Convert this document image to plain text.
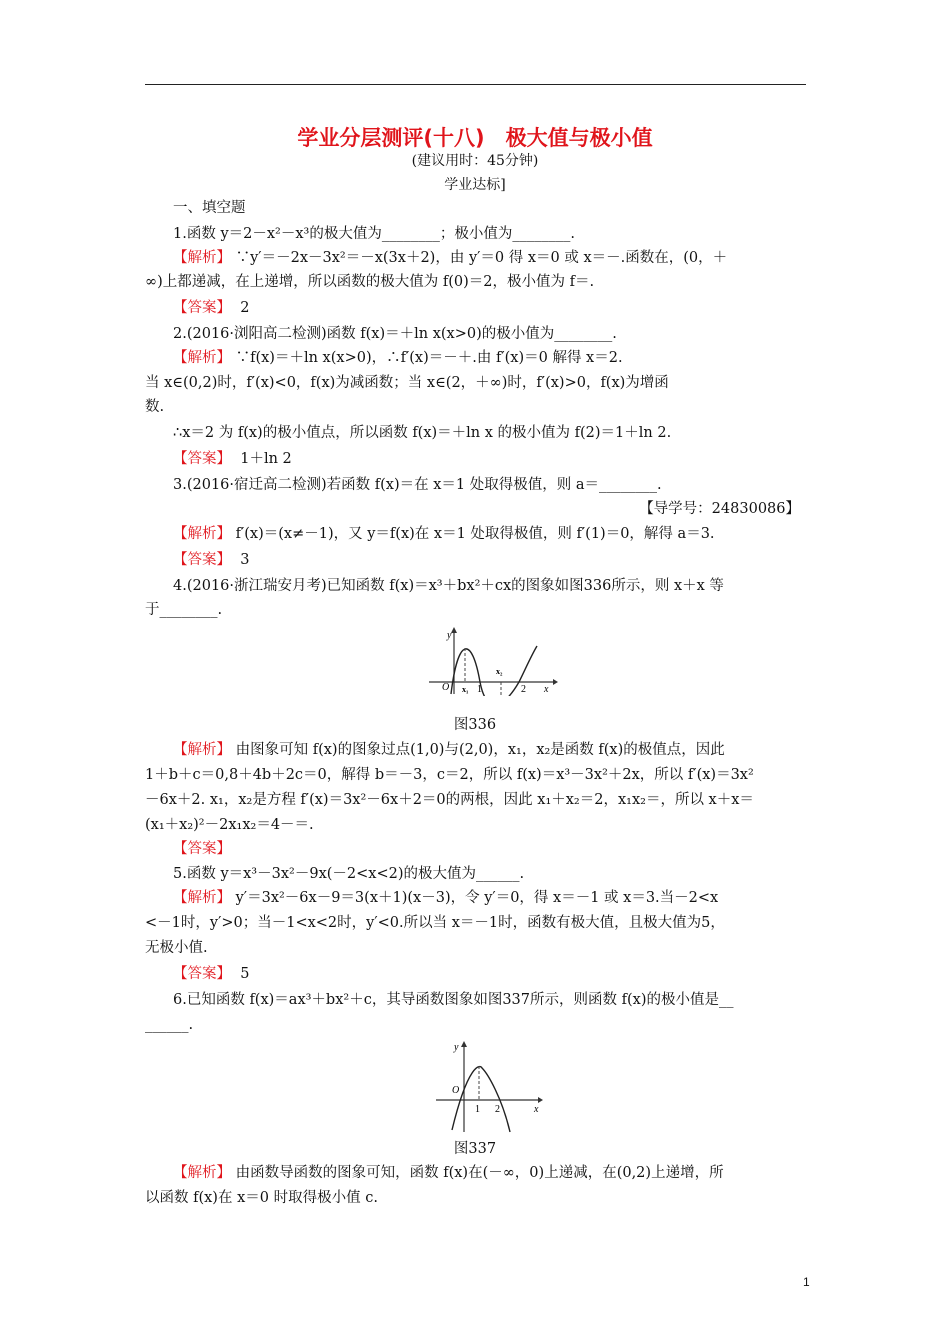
学业分层测评(十八)　极大值与极小值
(建议用时：45分钟)
学业达标]
一、填空题
1.函数 y＝2－x²－x³的极大值为________；极小值为________.
【解析】 ∵y′＝－2x－3x²＝－x(3x＋2)，由 y′＝0 得 x＝0 或 x＝－.函数在，(0，＋
∞)上都递减，在上递增，所以函数的极大值为 f(0)＝2，极小值为 f＝.
【答案】 2
2.(2016·浏阳高二检测)函数 f(x)＝＋ln x(x>0)的极小值为________.
【解析】 ∵f(x)＝＋ln x(x>0)，∴f′(x)＝－＋.由 f′(x)＝0 解得 x＝2.
当 x∈(0,2)时，f′(x)<0，f(x)为减函数；当 x∈(2，＋∞)时，f′(x)>0，f(x)为增函
数.
∴x＝2 为 f(x)的极小值点，所以函数 f(x)＝＋ln x 的极小值为 f(2)＝1＋ln 2.
【答案】 1＋ln 2
3.(2016·宿迁高二检测)若函数 f(x)＝在 x＝1 处取得极值，则 a＝________.
【导学号：24830086】
【解析】 f′(x)＝(x≠－1)，又 y＝f(x)在 x＝1 处取得极值，则 f′(1)＝0，解得 a＝3.
【答案】 3
4.(2016·浙江瑞安月考)已知函数 f(x)＝x³＋bx²＋cx的图象如图336所示，则 x＋x 等
于________.
y
O x₁ 1
x₂
2 x
图336
【解析】 由图象可知 f(x)的图象过点(1,0)与(2,0)，x₁，x₂是函数 f(x)的极值点，因此
1＋b＋c＝0,8＋4b＋2c＝0，解得 b＝－3，c＝2，所以 f(x)＝x³－3x²＋2x，所以 f′(x)＝3x²
－6x＋2. x₁，x₂是方程 f′(x)＝3x²－6x＋2＝0的两根，因此 x₁＋x₂＝2，x₁x₂＝，所以 x＋x＝
(x₁＋x₂)²－2x₁x₂＝4－＝.
【答案】
5.函数 y＝x³－3x²－9x(－2<x<2)的极大值为______.
【解析】 y′＝3x²－6x－9＝3(x＋1)(x－3)，令 y′＝0，得 x＝－1 或 x＝3.当－2<x
<－1时，y′>0；当－1<x<2时，y′<0.所以当 x＝－1时，函数有极大值，且极大值为5，
无极小值.
【答案】 5
6.已知函数 f(x)＝ax³＋bx²＋c，其导函数图象如图337所示，则函数 f(x)的极小值是__
______.
y
O
1 2	x
图337
【解析】 由函数导函数的图象可知，函数 f(x)在(－∞，0)上递减，在(0,2)上递增，所
以函数 f(x)在 x＝0 时取得极小值 c.
1
